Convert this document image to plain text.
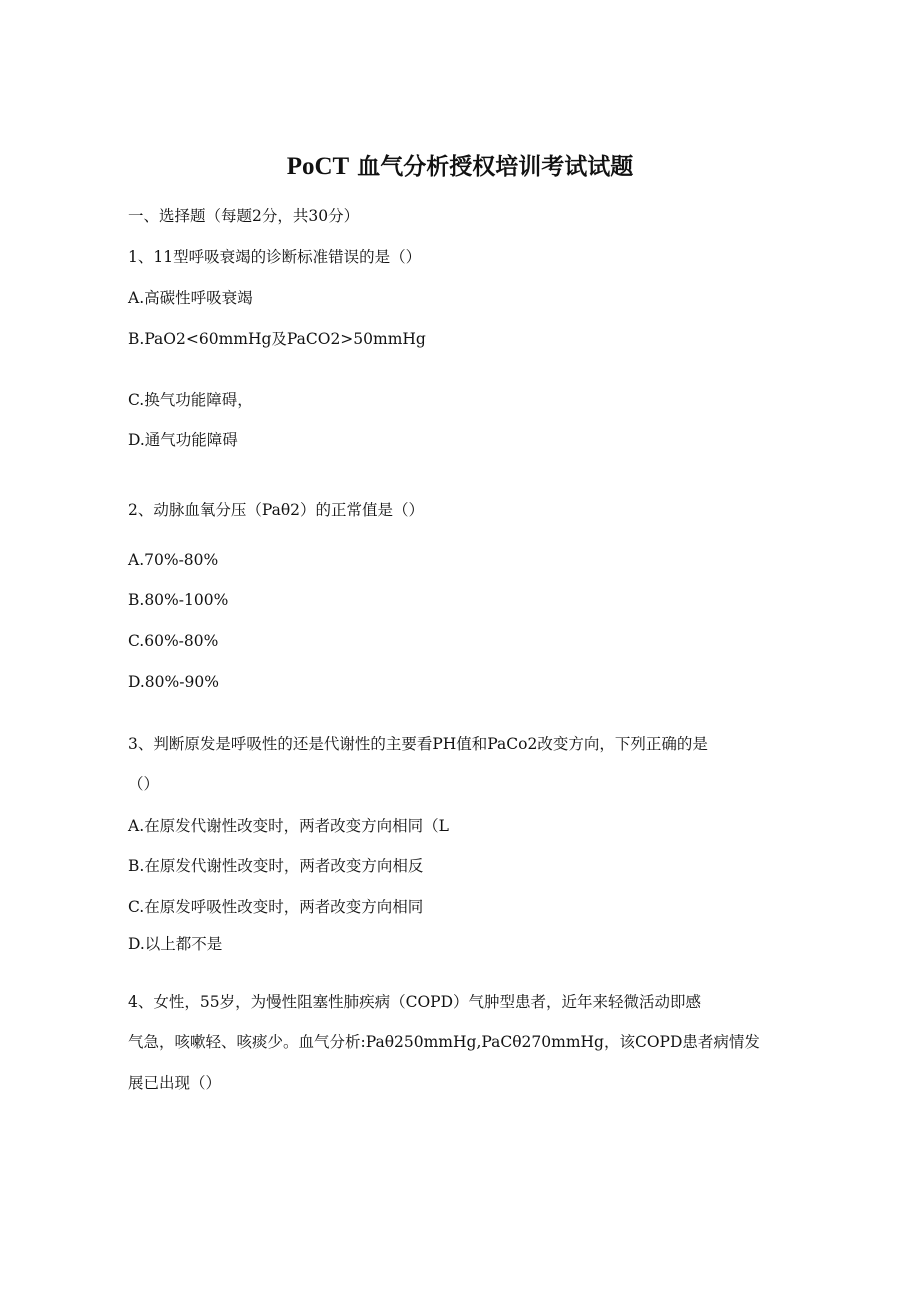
PoCT 血气分析授权培训考试试题

一、选择题（每题2分，共30分）

1、11型呼吸衰竭的诊断标准错误的是（）

A.高碳性呼吸衰竭

B.PaO2<60mmHg及PaCO2>50mmHg

C.换气功能障碍，

D.通气功能障碍

2、动脉血氧分压（Paθ2）的正常值是（）

A.70%-80%

B.80%-100%

C.60%-80%

D.80%-90%

3、判断原发是呼吸性的还是代谢性的主要看PH值和PaCo2改变方向，下列正确的是

（）

A.在原发代谢性改变时，两者改变方向相同（L

B.在原发代谢性改变时，两者改变方向相反

C.在原发呼吸性改变时，两者改变方向相同

D.以上都不是

4、女性，55岁，为慢性阻塞性肺疾病（COPD）气肿型患者，近年来轻微活动即感

气急，咳嗽轻、咳痰少。血气分析:Paθ250mmHg,PaCθ270mmHg，该COPD患者病情发

展已出现（）
